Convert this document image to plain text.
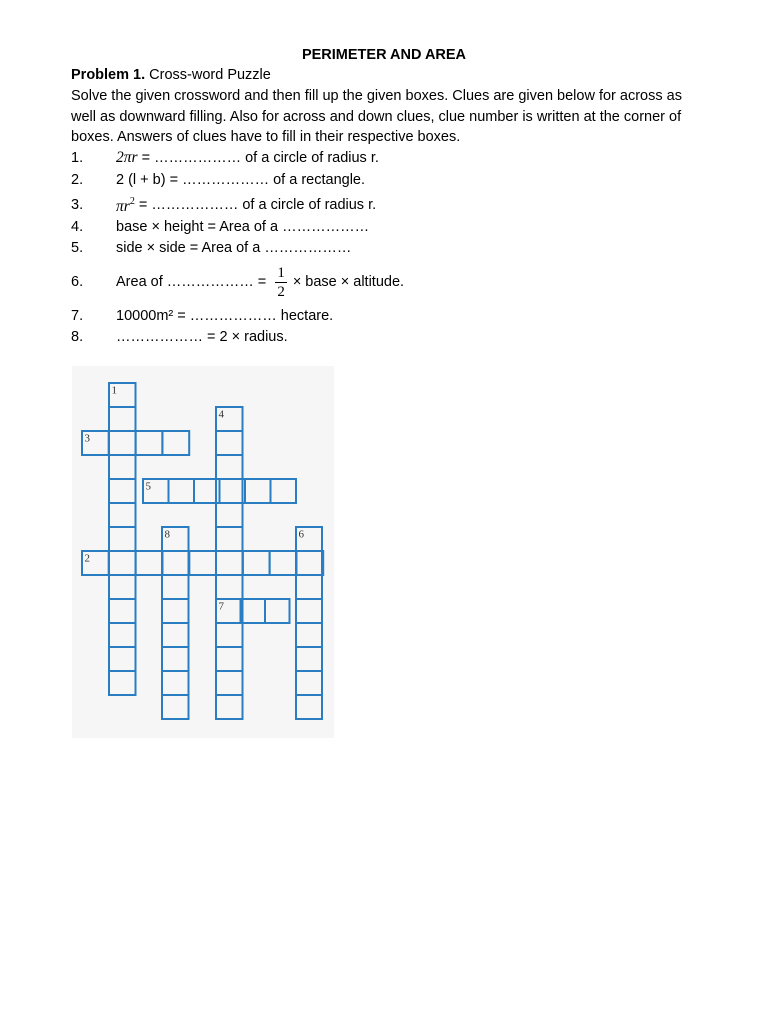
PERIMETER AND AREA
Problem 1. Cross-word Puzzle

Solve the given crossword and then fill up the given boxes. Clues are given below for across as well as downward filling. Also for across and down clues, clue number is written at the corner of boxes. Answers of clues have to fill in their respective boxes.

1. 2πr = ……………… of a circle of radius r.
2. 2 (l + b) = ……………… of a rectangle.
3. $\pi r^2$ = ……………… of a circle of radius r.
4. base × height = Area of a ………………
5. side × side = Area of a ………………
6. Area of ……………… = $\frac{1}{2}$ × base × altitude.
7. 10000m² = ……………… hectare.
8. ……………… = 2 × radius.
1
4
3
5
8	6
2
7
